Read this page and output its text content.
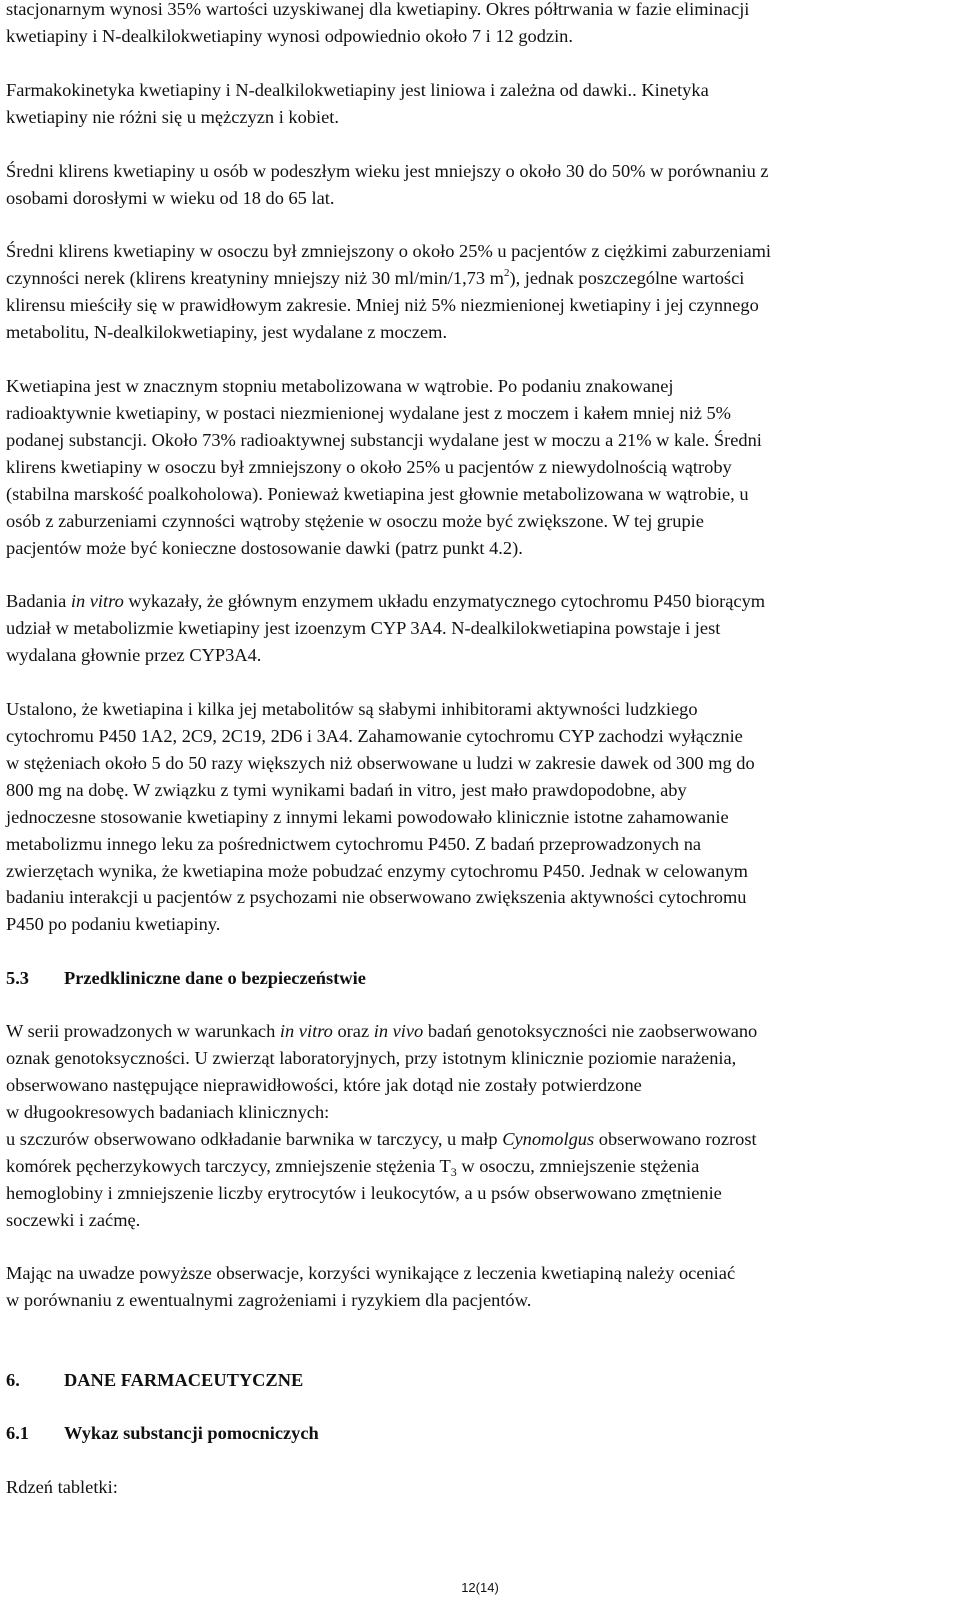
stacjonarnym wynosi 35% wartości uzyskiwanej dla kwetiapiny. Okres półtrwania w fazie eliminacji
kwetiapiny i N-dealkilokwetiapiny wynosi odpowiednio około 7 i 12 godzin.
Farmakokinetyka kwetiapiny i N-dealkilokwetiapiny jest liniowa i zależna od dawki.. Kinetyka
kwetiapiny nie różni się u mężczyzn i kobiet.
Średni klirens kwetiapiny u osób w podeszłym wieku jest mniejszy o około 30 do 50% w porównaniu z
osobami dorosłymi w wieku od 18 do 65 lat.
Średni klirens kwetiapiny w osoczu był zmniejszony o około 25% u pacjentów z ciężkimi zaburzeniami
czynności nerek (klirens kreatyniny mniejszy niż 30 ml/min/1,73 $m^2$), jednak poszczególne wartości
klirensu mieściły się w prawidłowym zakresie. Mniej niż 5% niezmienionej kwetiapiny i jej czynnego
metabolitu, N-dealkilokwetiapiny, jest wydalane z moczem.
Kwetiapina jest w znacznym stopniu metabolizowana w wątrobie. Po podaniu znakowanej
radioaktywnie kwetiapiny, w postaci niezmienionej wydalane jest z moczem i kałem mniej niż 5%
podanej substancji. Około 73% radioaktywnej substancji wydalane jest w moczu a 21% w kale. Średni
klirens kwetiapiny w osoczu był zmniejszony o około 25% u pacjentów z niewydolnością wątroby
(stabilna marskość poalkoholowa). Ponieważ kwetiapina jest głownie metabolizowana w wątrobie, u
osób z zaburzeniami czynności wątroby stężenie w osoczu może być zwiększone. W tej grupie
pacjentów może być konieczne dostosowanie dawki (patrz punkt 4.2).
Badania in vitro wykazały, że głównym enzymem układu enzymatycznego cytochromu P450 biorącym
udział w metabolizmie kwetiapiny jest izoenzym CYP 3A4. N-dealkilokwetiapina powstaje i jest
wydalana głownie przez CYP3A4.
Ustalono, że kwetiapina i kilka jej metabolitów są słabymi inhibitorami aktywności ludzkiego
cytochromu P450 1A2, 2C9, 2C19, 2D6 i 3A4. Zahamowanie cytochromu CYP zachodzi wyłącznie
w stężeniach około 5 do 50 razy większych niż obserwowane u ludzi w zakresie dawek od 300 mg do
800 mg na dobę. W związku z tymi wynikami badań in vitro, jest mało prawdopodobne, aby
jednoczesne stosowanie kwetiapiny z innymi lekami powodowało klinicznie istotne zahamowanie
metabolizmu innego leku za pośrednictwem cytochromu P450. Z badań przeprowadzonych na
zwierzętach wynika, że kwetiapina może pobudzać enzymy cytochromu P450. Jednak w celowanym
badaniu interakcji u pacjentów z psychozami nie obserwowano zwiększenia aktywności cytochromu
P450 po podaniu kwetiapiny.
5.3 Przedkliniczne dane o bezpieczeństwie
W serii prowadzonych w warunkach in vitro oraz in vivo badań genotoksyczności nie zaobserwowano
oznak genotoksyczności. U zwierząt laboratoryjnych, przy istotnym klinicznie poziomie narażenia,
obserwowano następujące nieprawidłowości, które jak dotąd nie zostały potwierdzone
w długookresowych badaniach klinicznych:
u szczurów obserwowano odkładanie barwnika w tarczycy, u małp Cynomolgus obserwowano rozrost
komórek pęcherzykowych tarczycy, zmniejszenie stężenia $T_3$ w osoczu, zmniejszenie stężenia
hemoglobiny i zmniejszenie liczby erytrocytów i leukocytów, a u psów obserwowano zmętnienie
soczewki i zaćmę.
Mając na uwadze powyższe obserwacje, korzyści wynikające z leczenia kwetiapiną należy oceniać
w porównaniu z ewentualnymi zagrożeniami i ryzykiem dla pacjentów.
6. DANE FARMACEUTYCZNE
6.1 Wykaz substancji pomocniczych
Rdzeń tabletki:
12(14)
